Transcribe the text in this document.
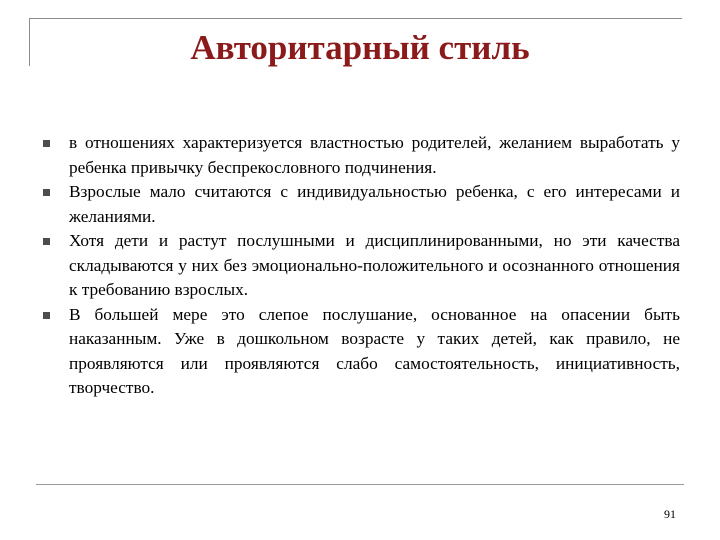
Авторитарный стиль
в отношениях характеризуется властностью родителей, желанием выработать у ребенка привычку беспрекословного подчинения.
Взрослые мало считаются с индивидуальностью ребенка, с его интересами и желаниями.
Хотя дети и растут послушными и дисциплинированными, но эти качества складываются у них без эмоционально-положительного и осознанного отношения к требованию взрослых.
В большей мере это слепое послушание, основанное на опасении быть наказанным. Уже в дошкольном возрасте у таких детей, как правило, не проявляются или проявляются слабо самостоятельность, инициативность, творчество.
91
